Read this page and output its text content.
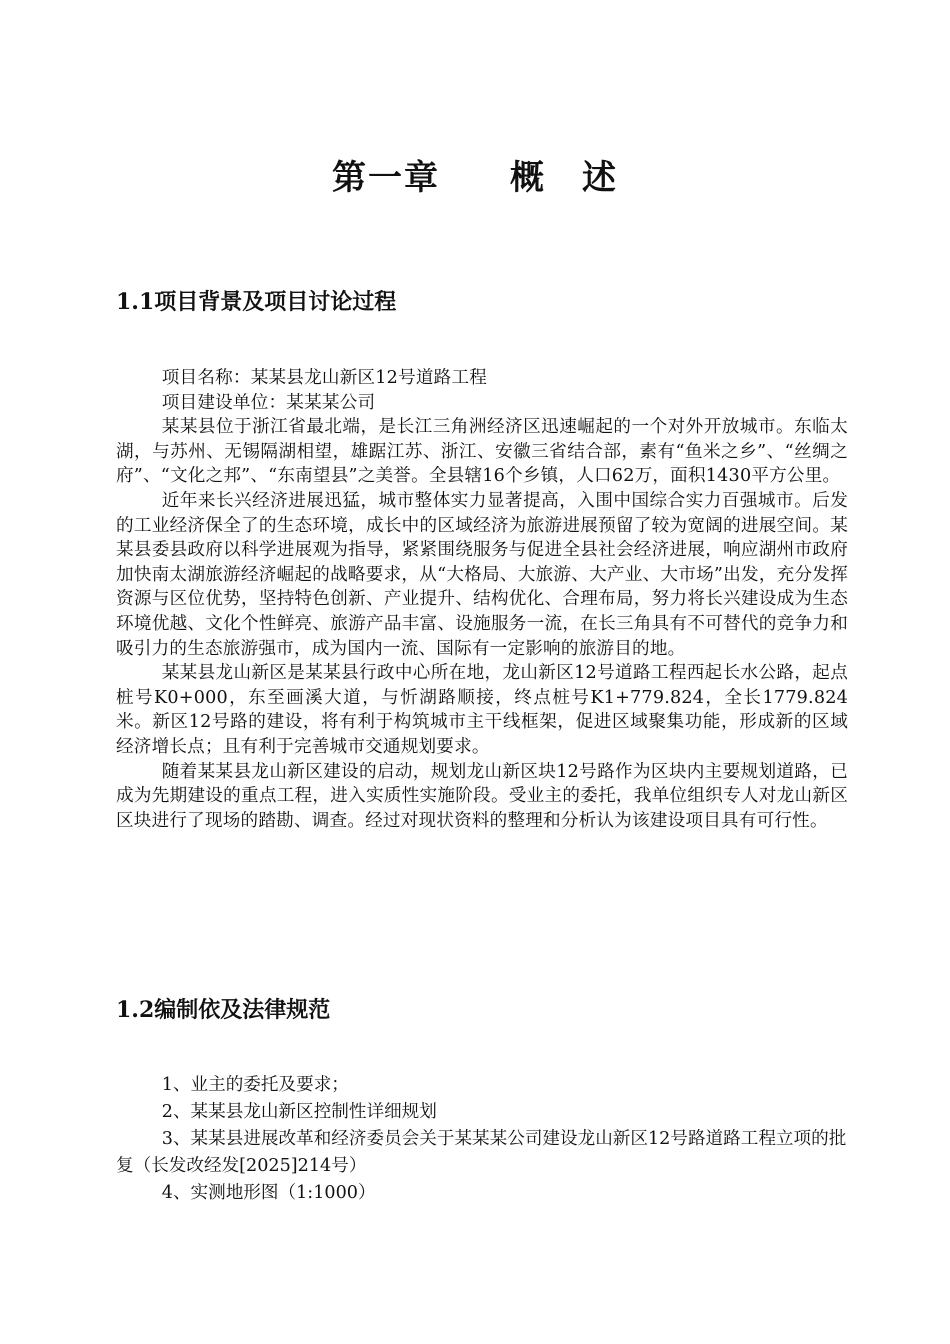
第一章 概　述
1.1项目背景及项目讨论过程

项目名称：某某县龙山新区12号道路工程

项目建设单位：某某某公司

某某县位于浙江省最北端，是长江三角洲经济区迅速崛起的一个对外开放城市。东临太湖，与苏州、无锡隔湖相望，雄踞江苏、浙江、安徽三省结合部，素有“鱼米之乡”、“丝绸之府”、“文化之邦”、“东南望县”之美誉。全县辖16个乡镇，人口62万，面积1430平方公里。

近年来长兴经济进展迅猛，城市整体实力显著提高，入围中国综合实力百强城市。后发的工业经济保全了的生态环境，成长中的区域经济为旅游进展预留了较为宽阔的进展空间。某某县委县政府以科学进展观为指导，紧紧围绕服务与促进全县社会经济进展，响应湖州市政府加快南太湖旅游经济崛起的战略要求，从“大格局、大旅游、大产业、大市场”出发，充分发挥资源与区位优势，坚持特色创新、产业提升、结构优化、合理布局，努力将长兴建设成为生态环境优越、文化个性鲜亮、旅游产品丰富、设施服务一流，在长三角具有不可替代的竞争力和吸引力的生态旅游强市，成为国内一流、国际有一定影响的旅游目的地。

某某县龙山新区是某某县行政中心所在地，龙山新区12号道路工程西起长水公路，起点桩号K0+000，东至画溪大道，与忻湖路顺接，终点桩号K1+779.824，全长1779.824米。新区12号路的建设，将有利于构筑城市主干线框架，促进区域聚集功能，形成新的区域经济增长点；且有利于完善城市交通规划要求。

随着某某县龙山新区建设的启动，规划龙山新区块12号路作为区块内主要规划道路，已成为先期建设的重点工程，进入实质性实施阶段。受业主的委托，我单位组织专人对龙山新区区块进行了现场的踏勘、调查。经过对现状资料的整理和分析认为该建设项目具有可行性。

1.2编制依及法律规范
1、业主的委托及要求；
2、某某县龙山新区控制性详细规划
3、某某县进展改革和经济委员会关于某某某公司建设龙山新区12号路道路工程立项的批复（长发改经发[2025]214号）
4、实测地形图（1:1000）
